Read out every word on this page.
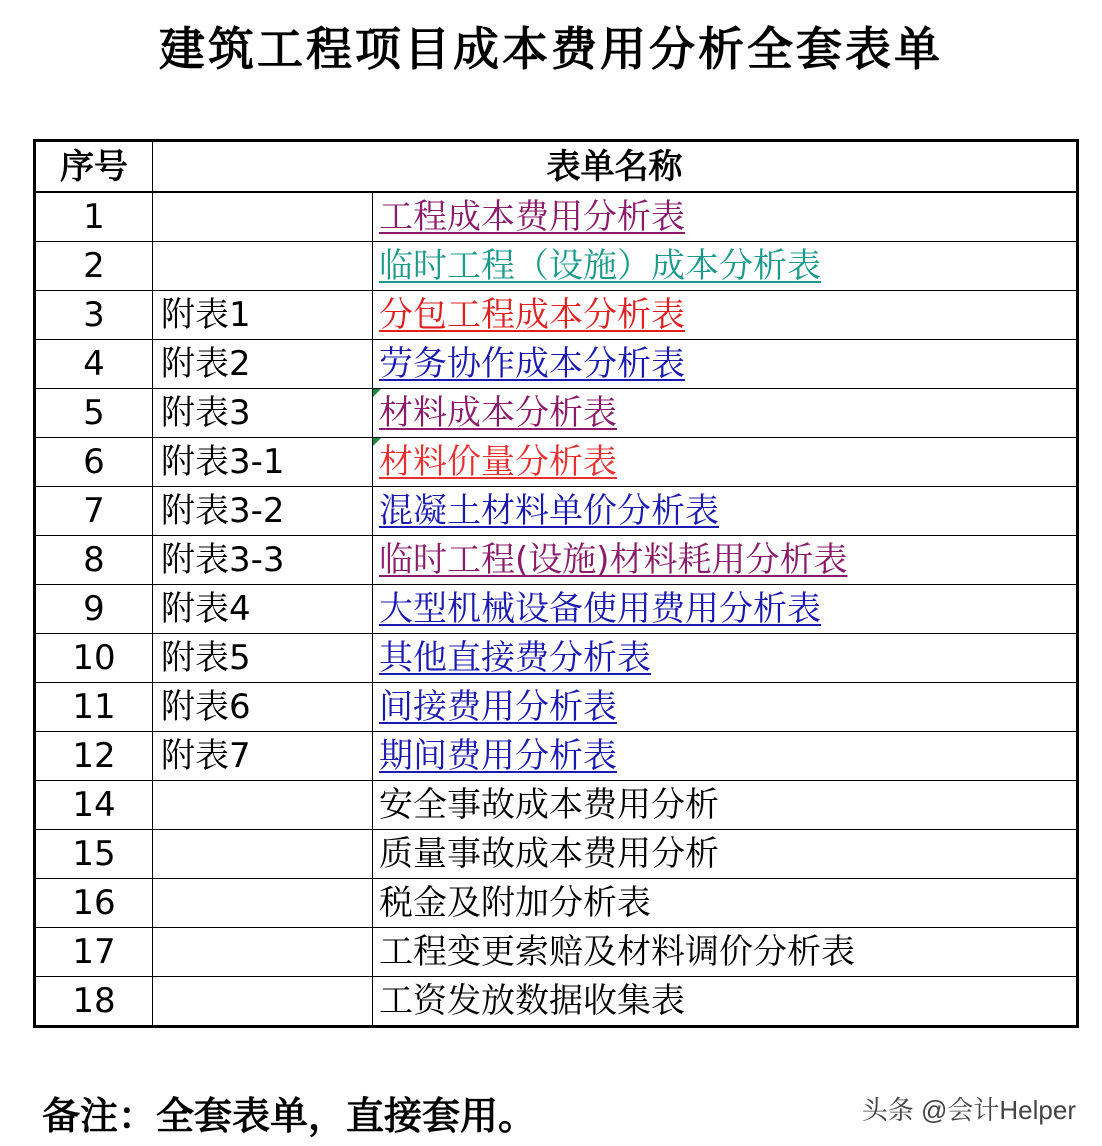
建筑工程项目成本费用分析全套表单
序号	表单名称	
1		工程成本费用分析表
2		临时工程（设施）成本分析表
3	附表1	分包工程成本分析表
4	附表2	劳务协作成本分析表
5	附表3	材料成本分析表
6	附表3-1	材料价量分析表
7	附表3-2	混凝土材料单价分析表
8	附表3-3	临时工程(设施)材料耗用分析表
9	附表4	大型机械设备使用费用分析表
10	附表5	其他直接费分析表
11	附表6	间接费用分析表
12	附表7	期间费用分析表
14		安全事故成本费用分析
15		质量事故成本费用分析
16		税金及附加分析表
17		工程变更索赔及材料调价分析表
18		工资发放数据收集表
备注：全套表单，直接套用。	头条 @会计Helper
